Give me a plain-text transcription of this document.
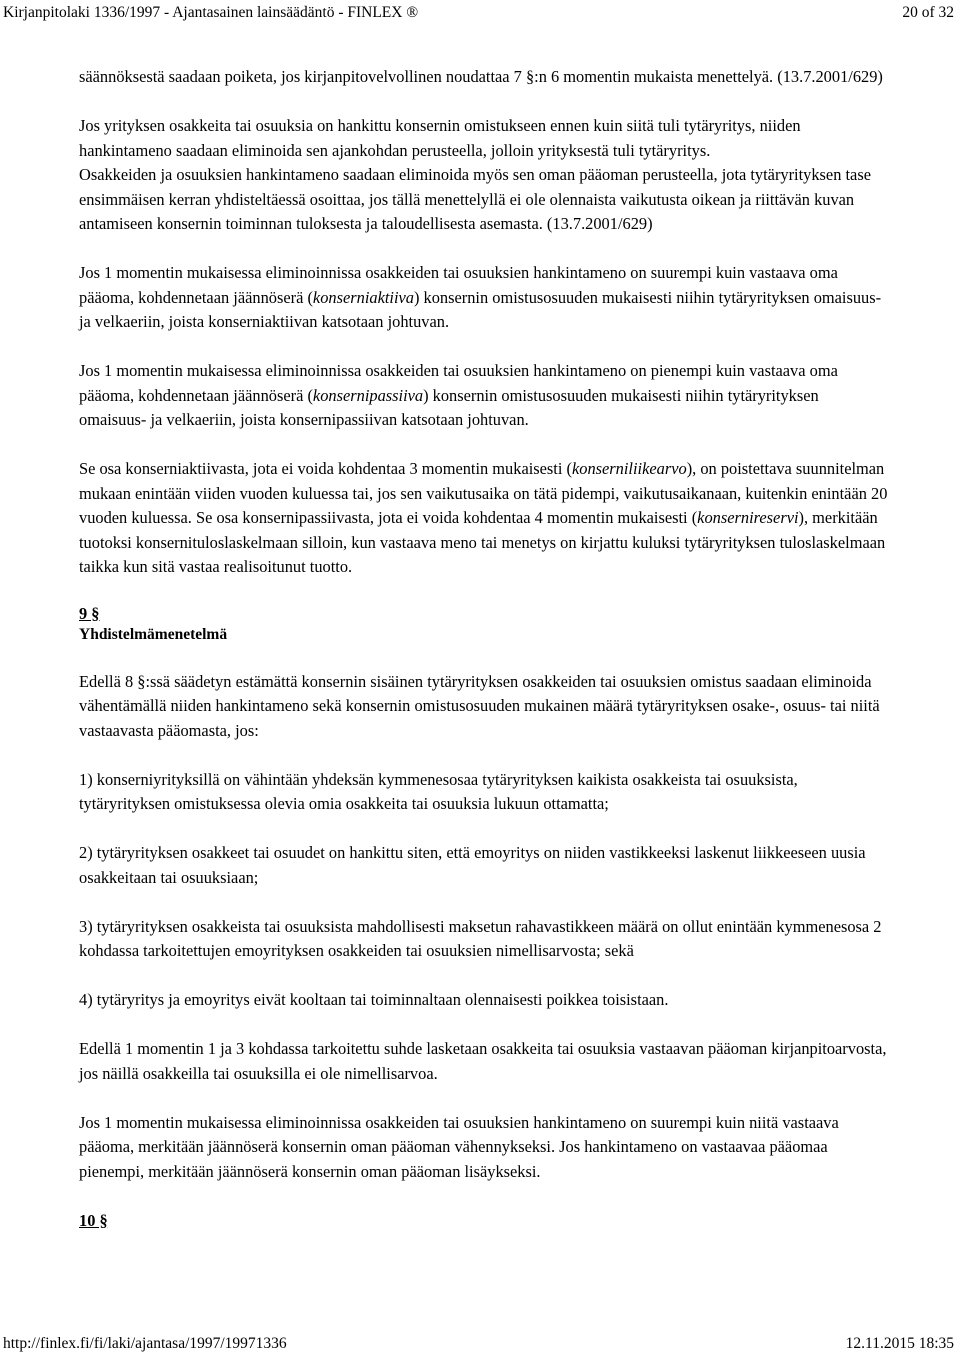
Kirjanpitolaki 1336/1997 - Ajantasainen lainsäädäntö - FINLEX ®	20 of 32

säännöksestä saadaan poiketa, jos kirjanpitovelvollinen noudattaa 7 §:n 6 momentin mukaista menettelyä. (13.7.2001/629)

Jos yrityksen osakkeita tai osuuksia on hankittu konsernin omistukseen ennen kuin siitä tuli tytäryritys, niiden hankintameno saadaan eliminoida sen ajankohdan perusteella, jolloin yrityksestä tuli tytäryritys.

Osakkeiden ja osuuksien hankintameno saadaan eliminoida myös sen oman pääoman perusteella, jota tytäryrityksen tase ensimmäisen kerran yhdisteltäessä osoittaa, jos tällä menettelyllä ei ole olennaista vaikutusta oikean ja riittävän kuvan antamiseen konsernin toiminnan tuloksesta ja taloudellisesta asemasta. (13.7.2001/629)

Jos 1 momentin mukaisessa eliminoinnissa osakkeiden tai osuuksien hankintameno on suurempi kuin vastaava oma pääoma, kohdennetaan jäännöserä (konserniaktiiva) konsernin omistusosuuden mukaisesti niihin tytäryrityksen omaisuus- ja velkaeriin, joista konserniaktiivan katsotaan johtuvan.

Jos 1 momentin mukaisessa eliminoinnissa osakkeiden tai osuuksien hankintameno on pienempi kuin vastaava oma pääoma, kohdennetaan jäännöserä (konsernipassiiva) konsernin omistusosuuden mukaisesti niihin tytäryrityksen omaisuus- ja velkaeriin, joista konsernipassiivan katsotaan johtuvan.

Se osa konserniaktiivasta, jota ei voida kohdentaa 3 momentin mukaisesti (konserniliikearvo), on poistettava suunnitelman mukaan enintään viiden vuoden kuluessa tai, jos sen vaikutusaika on tätä pidempi, vaikutusaikanaan, kuitenkin enintään 20 vuoden kuluessa. Se osa konsernipassiivasta, jota ei voida kohdentaa 4 momentin mukaisesti (konsernireservi), merkitään tuotoksi konsernituloslaskelmaan silloin, kun vastaava meno tai menetys on kirjattu kuluksi tytäryrityksen tuloslaskelmaan taikka kun sitä vastaa realisoitunut tuotto.

9 §
Yhdistelmämenetelmä

Edellä 8 §:ssä säädetyn estämättä konsernin sisäinen tytäryrityksen osakkeiden tai osuuksien omistus saadaan eliminoida vähentämällä niiden hankintameno sekä konsernin omistusosuuden mukainen määrä tytäryrityksen osake-, osuus- tai niitä vastaavasta pääomasta, jos:

1) konserniyrityksillä on vähintään yhdeksän kymmenesosaa tytäryrityksen kaikista osakkeista tai osuuksista, tytäryrityksen omistuksessa olevia omia osakkeita tai osuuksia lukuun ottamatta;

2) tytäryrityksen osakkeet tai osuudet on hankittu siten, että emoyritys on niiden vastikkeeksi laskenut liikkeeseen uusia osakkeitaan tai osuuksiaan;

3) tytäryrityksen osakkeista tai osuuksista mahdollisesti maksetun rahavastikkeen määrä on ollut enintään kymmenesosa 2 kohdassa tarkoitettujen emoyrityksen osakkeiden tai osuuksien nimellisarvosta; sekä

4) tytäryritys ja emoyritys eivät kooltaan tai toiminnaltaan olennaisesti poikkea toisistaan.

Edellä 1 momentin 1 ja 3 kohdassa tarkoitettu suhde lasketaan osakkeita tai osuuksia vastaavan pääoman kirjanpitoarvosta, jos näillä osakkeilla tai osuuksilla ei ole nimellisarvoa.

Jos 1 momentin mukaisessa eliminoinnissa osakkeiden tai osuuksien hankintameno on suurempi kuin niitä vastaava pääoma, merkitään jäännöserä konsernin oman pääoman vähennykseksi. Jos hankintameno on vastaavaa pääomaa pienempi, merkitään jäännöserä konsernin oman pääoman lisäykseksi.

10 §

http://finlex.fi/fi/laki/ajantasa/1997/19971336	12.11.2015 18:35
